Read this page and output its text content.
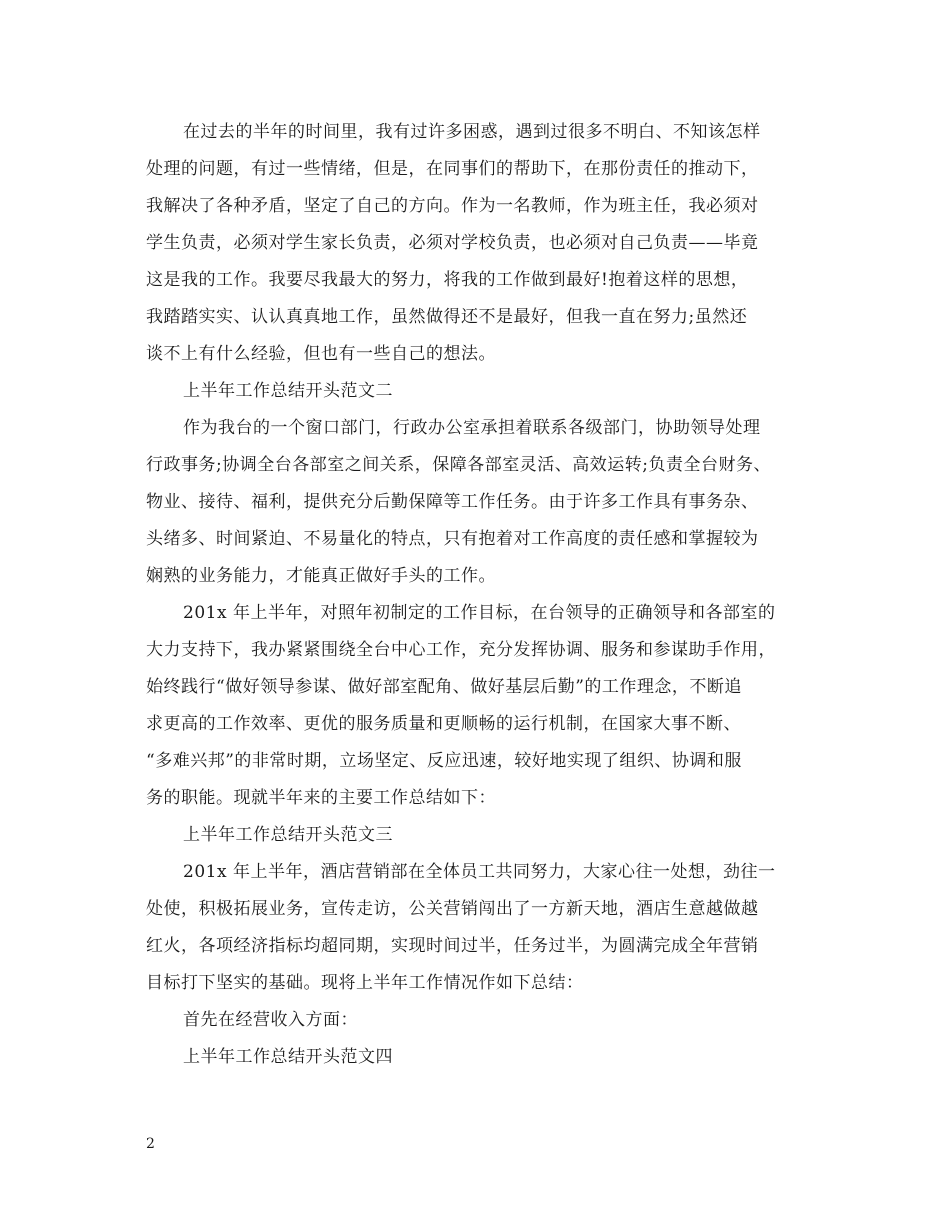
在过去的半年的时间里，我有过许多困惑，遇到过很多不明白、不知该怎样
处理的问题，有过一些情绪，但是，在同事们的帮助下，在那份责任的推动下，
我解决了各种矛盾，坚定了自己的方向。作为一名教师，作为班主任，我必须对
学生负责，必须对学生家长负责，必须对学校负责，也必须对自己负责——毕竟
这是我的工作。我要尽我最大的努力，将我的工作做到最好!抱着这样的思想，
我踏踏实实、认认真真地工作，虽然做得还不是最好，但我一直在努力;虽然还
谈不上有什么经验，但也有一些自己的想法。
上半年工作总结开头范文二
作为我台的一个窗口部门，行政办公室承担着联系各级部门，协助领导处理
行政事务;协调全台各部室之间关系，保障各部室灵活、高效运转;负责全台财务、
物业、接待、福利，提供充分后勤保障等工作任务。由于许多工作具有事务杂、
头绪多、时间紧迫、不易量化的特点，只有抱着对工作高度的责任感和掌握较为
娴熟的业务能力，才能真正做好手头的工作。
201x 年上半年，对照年初制定的工作目标，在台领导的正确领导和各部室的
大力支持下，我办紧紧围绕全台中心工作，充分发挥协调、服务和参谋助手作用，
始终践行“做好领导参谋、做好部室配角、做好基层后勤”的工作理念，不断追
求更高的工作效率、更优的服务质量和更顺畅的运行机制，在国家大事不断、
“多难兴邦”的非常时期，立场坚定、反应迅速，较好地实现了组织、协调和服
务的职能。现就半年来的主要工作总结如下：
上半年工作总结开头范文三
201x 年上半年，酒店营销部在全体员工共同努力，大家心往一处想，劲往一
处使，积极拓展业务，宣传走访，公关营销闯出了一方新天地，酒店生意越做越
红火，各项经济指标均超同期，实现时间过半，任务过半，为圆满完成全年营销
目标打下坚实的基础。现将上半年工作情况作如下总结：
首先在经营收入方面：
上半年工作总结开头范文四
2
